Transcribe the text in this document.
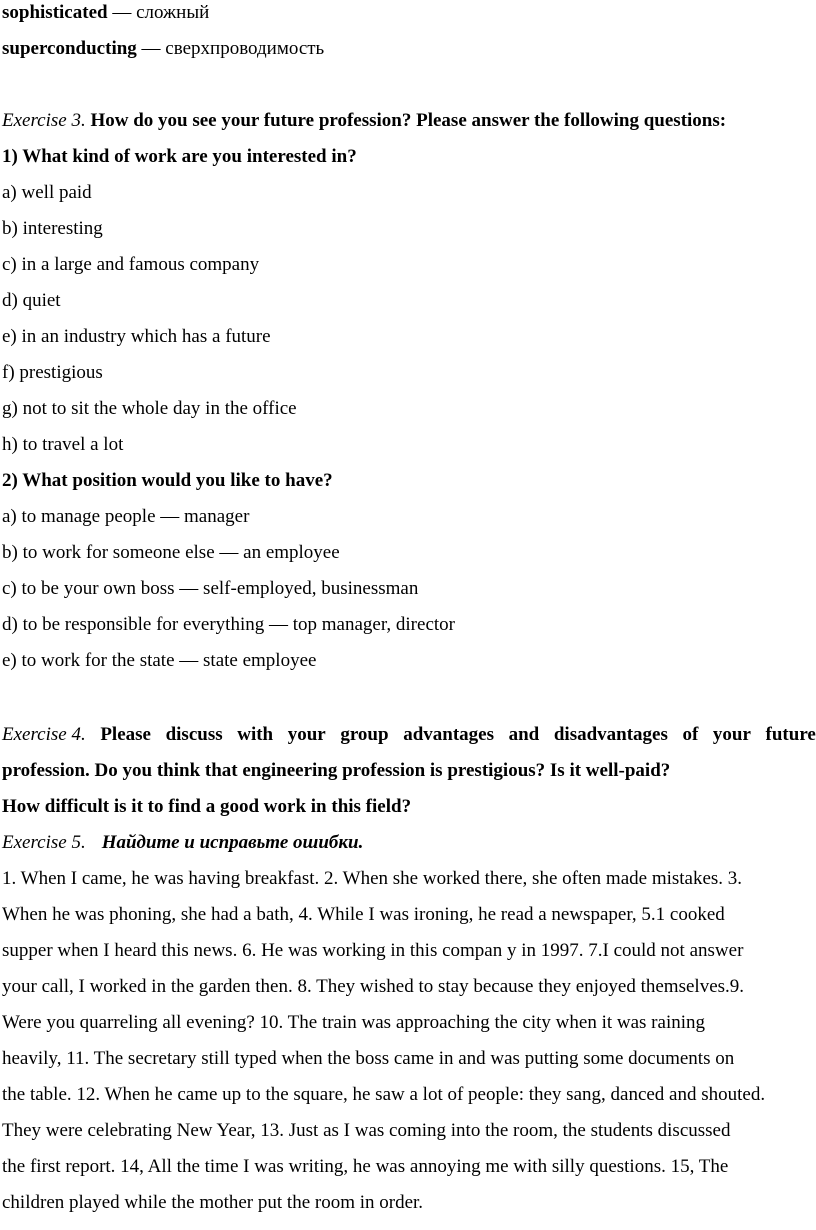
sophisticated — сложный
superconducting — сверхпроводимость
Exercise 3. How do you see your future profession? Please answer the following questions:
1) What kind of work are you interested in?
a) well paid
b) interesting
c) in a large and famous company
d) quiet
e) in an industry which has a future
f) prestigious
g) not to sit the whole day in the office
h) to travel a lot
2) What position would you like to have?
a) to manage people — manager
b) to work for someone else — an employee
c) to be your own boss — self-employed, businessman
d) to be responsible for everything — top manager, director
e) to work for the state — state employee
Exercise 4. Please discuss with your group advantages and disadvantages of your future
profession. Do you think that engineering profession is prestigious? Is it well-paid?
How difficult is it to find a good work in this field?
Exercise 5. Найдите и исправьте ошибки.
1. When I came, he was having breakfast. 2. When she worked there, she often made mistakes. 3.
When he was phoning, she had a bath, 4. While I was ironing, he read a newspaper, 5.1 cooked
supper when I heard this news. 6. He was working in this compan y in 1997. 7.I could not answer
your call, I worked in the garden then. 8. They wished to stay because they enjoyed themselves.9.
Were you quarreling all evening? 10. The train was approaching the city when it was raining
heavily, 11. The secretary still typed when the boss came in and was putting some documents on
the table. 12. When he came up to the square, he saw a lot of people: they sang, danced and shouted.
They were celebrating New Year, 13. Just as I was coming into the room, the students discussed
the first report. 14, All the time I was writing, he was annoying me with silly questions. 15, The
children played while the mother put the room in order.
